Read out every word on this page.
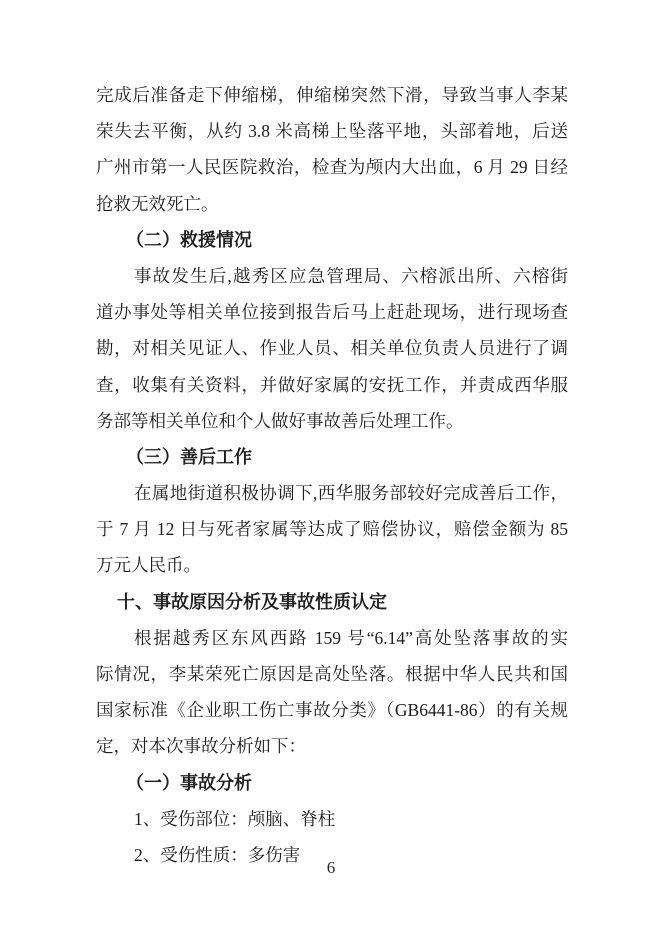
完成后准备走下伸缩梯，伸缩梯突然下滑，导致当事人李某
荣失去平衡，从约 3.8 米高梯上坠落平地，头部着地，后送
广州市第一人民医院救治，检查为颅内大出血，6 月 29 日经
抢救无效死亡。
（二）救援情况
事故发生后,越秀区应急管理局、六榕派出所、六榕街
道办事处等相关单位接到报告后马上赶赴现场，进行现场查
勘，对相关见证人、作业人员、相关单位负责人员进行了调
查，收集有关资料，并做好家属的安抚工作，并责成西华服
务部等相关单位和个人做好事故善后处理工作。
（三）善后工作
在属地街道积极协调下,西华服务部较好完成善后工作，
于 7 月 12 日与死者家属等达成了赔偿协议，赔偿金额为 85
万元人民币。
十、事故原因分析及事故性质认定
根据越秀区东风西路 159 号“6.14”高处坠落事故的实
际情况，李某荣死亡原因是高处坠落。根据中华人民共和国
国家标准《企业职工伤亡事故分类》（GB6441-86）的有关规
定，对本次事故分析如下：
（一）事故分析
1、受伤部位：颅脑、脊柱
2、受伤性质：多伤害
6
